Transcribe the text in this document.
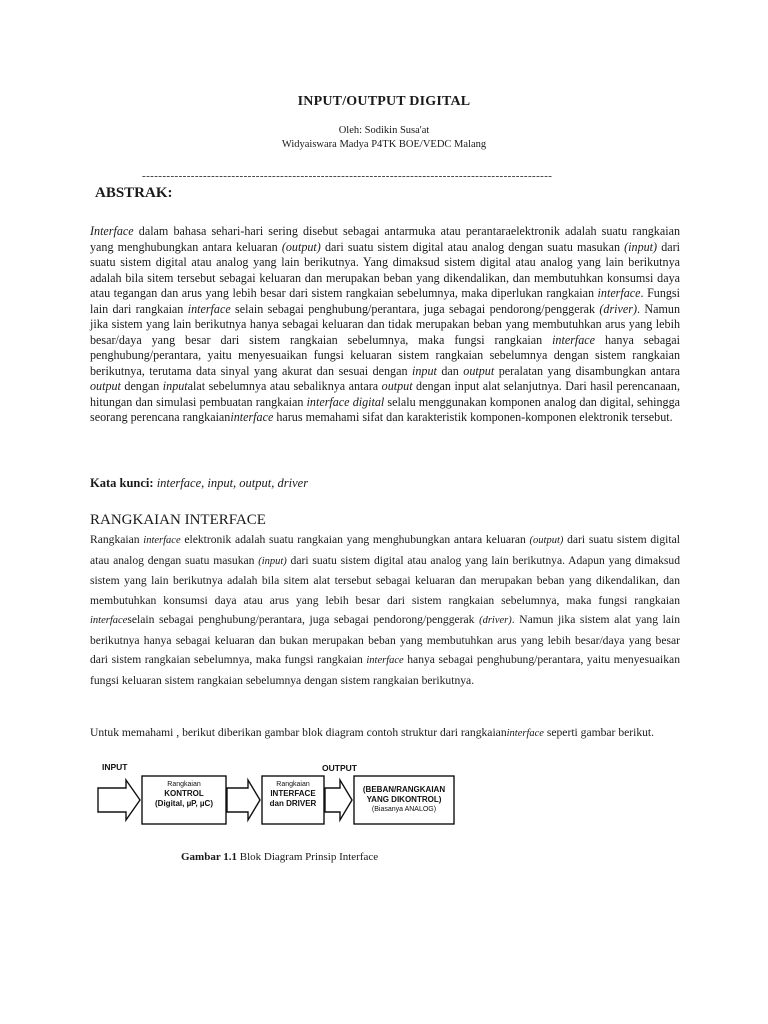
INPUT/OUTPUT DIGITAL
Oleh: Sodikin Susa'at
Widyaiswara Madya P4TK BOE/VEDC Malang
-----------------------------------------------------------------------------------------------------
ABSTRAK:

Interface dalam bahasa sehari-hari sering disebut sebagai antarmuka atau perantaraelektronik adalah suatu rangkaian yang menghubungkan antara keluaran (output) dari suatu sistem digital atau analog dengan suatu masukan (input) dari suatu sistem digital atau analog yang lain berikutnya. Yang dimaksud sistem digital atau analog yang lain berikutnya adalah bila sitem tersebut sebagai keluaran dan merupakan beban yang dikendalikan, dan membutuhkan konsumsi daya atau tegangan dan arus yang lebih besar dari sistem rangkaian sebelumnya, maka diperlukan rangkaian interface. Fungsi lain dari rangkaian interface selain sebagai penghubung/perantara, juga sebagai pendorong/penggerak (driver). Namun jika sistem yang lain berikutnya hanya sebagai keluaran dan tidak merupakan beban yang membutuhkan arus yang lebih besar/daya yang besar dari sistem rangkaian sebelumnya, maka fungsi rangkaian interface hanya sebagai penghubung/perantara, yaitu menyesuaikan fungsi keluaran sistem rangkaian sebelumnya dengan sistem rangkaian berikutnya, terutama data sinyal yang akurat dan sesuai dengan input dan output peralatan yang disambungkan antara output dengan inputalat sebelumnya atau sebaliknya antara output dengan input alat selanjutnya. Dari hasil perencanaan, hitungan dan simulasi pembuatan rangkaian interface digital selalu menggunakan komponen analog dan digital, sehingga seorang perencana rangkaianinterface harus memahami sifat dan karakteristik komponen-komponen elektronik tersebut.

Kata kunci: interface, input, output, driver

RANGKAIAN INTERFACE

Rangkaian interface elektronik adalah suatu rangkaian yang menghubungkan antara keluaran (output) dari suatu sistem digital atau analog dengan suatu masukan (input) dari suatu sistem digital atau analog yang lain berikutnya. Adapun yang dimaksud sistem yang lain berikutnya adalah bila sitem alat tersebut sebagai keluaran dan merupakan beban yang dikendalikan, dan membutuhkan konsumsi daya atau arus yang lebih besar dari sistem rangkaian sebelumnya, maka fungsi rangkaian interfaceselain sebagai penghubung/perantara, juga sebagai pendorong/penggerak (driver). Namun jika sistem alat yang lain berikutnya hanya sebagai keluaran dan bukan merupakan beban yang membutuhkan arus yang lebih besar/daya yang besar dari sistem rangkaian sebelumnya, maka fungsi rangkaian interface hanya sebagai penghubung/perantara, yaitu menyesuaikan fungsi keluaran sistem rangkaian sebelumnya dengan sistem rangkaian berikutnya.

Untuk memahami , berikut diberikan gambar blok diagram contoh struktur dari rangkaianinterface seperti gambar berikut.

INPUT	OUTPUT
Rangkaian
KONTROL
(Digital, µP, µC)
Rangkaian
INTERFACE
dan DRIVER
(BEBAN/RANGKAIAN
YANG DIKONTROL)
(Biasanya ANALOG)
Gambar 1.1 Blok Diagram Prinsip Interface
